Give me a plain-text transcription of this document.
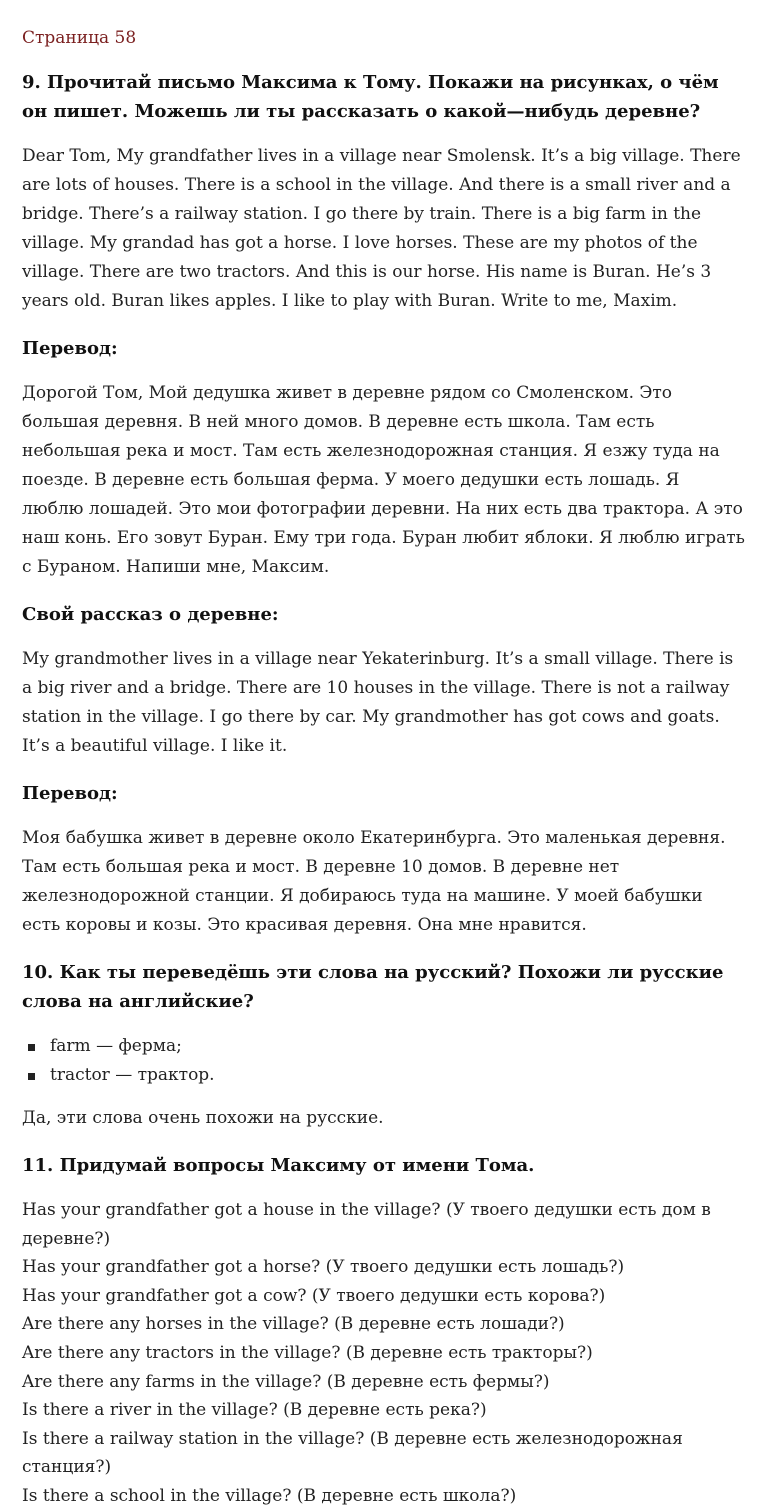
Страница 58
9. Прочитай письмо Максима к Тому. Покажи на рисунках, о чём он пишет. Можешь ли ты рассказать о какой—нибудь деревне?

Dear Tom, My grandfather lives in a village near Smolensk. It’s a big village. There are lots of houses. There is a school in the village. And there is a small river and a bridge. There’s a railway station. I go there by train. There is a big farm in the village. My grandad has got a horse. I love horses. These are my photos of the village. There are two tractors. And this is our horse. His name is Buran. He’s 3 years old. Buran likes apples. I like to play with Buran. Write to me, Maxim.

Перевод:

Дорогой Том, Мой дедушка живет в деревне рядом со Смоленском. Это большая деревня. В ней много домов. В деревне есть школа. Там есть небольшая река и мост. Там есть железнодорожная станция. Я езжу туда на поезде. В деревне есть большая ферма. У моего дедушки есть лошадь. Я люблю лошадей. Это мои фотографии деревни. На них есть два трактора. А это наш конь. Его зовут Буран. Ему три года. Буран любит яблоки. Я люблю играть с Бураном. Напиши мне, Максим.

Свой рассказ о деревне:

My grandmother lives in a village near Yekaterinburg. It’s a small village. There is a big river and a bridge. There are 10 houses in the village. There is not a railway station in the village. I go there by car. My grandmother has got cows and goats. It’s a beautiful village. I like it.

Перевод:

Моя бабушка живет в деревне около Екатеринбурга. Это маленькая деревня. Там есть большая река и мост. В деревне 10 домов. В деревне нет железнодорожной станции. Я добираюсь туда на машине. У моей бабушки есть коровы и козы. Это красивая деревня. Она мне нравится.

10. Как ты переведёшь эти слова на русский? Похожи ли русские слова на английские?
farm — ферма;
tractor — трактор.

Да, эти слова очень похожи на русские.

11. Придумай вопросы Максиму от имени Тома.
Has your grandfather got a house in the village? (У твоего дедушки есть дом в деревне?)
Has your grandfather got a horse? (У твоего дедушки есть лошадь?)
Has your grandfather got a cow? (У твоего дедушки есть корова?)
Are there any horses in the village? (В деревне есть лошади?)
Are there any tractors in the village? (В деревне есть тракторы?)
Are there any farms in the village? (В деревне есть фермы?)
Is there a river in the village? (В деревне есть река?)
Is there a railway station in the village? (В деревне есть железнодорожная станция?)
Is there a school in the village? (В деревне есть школа?)
